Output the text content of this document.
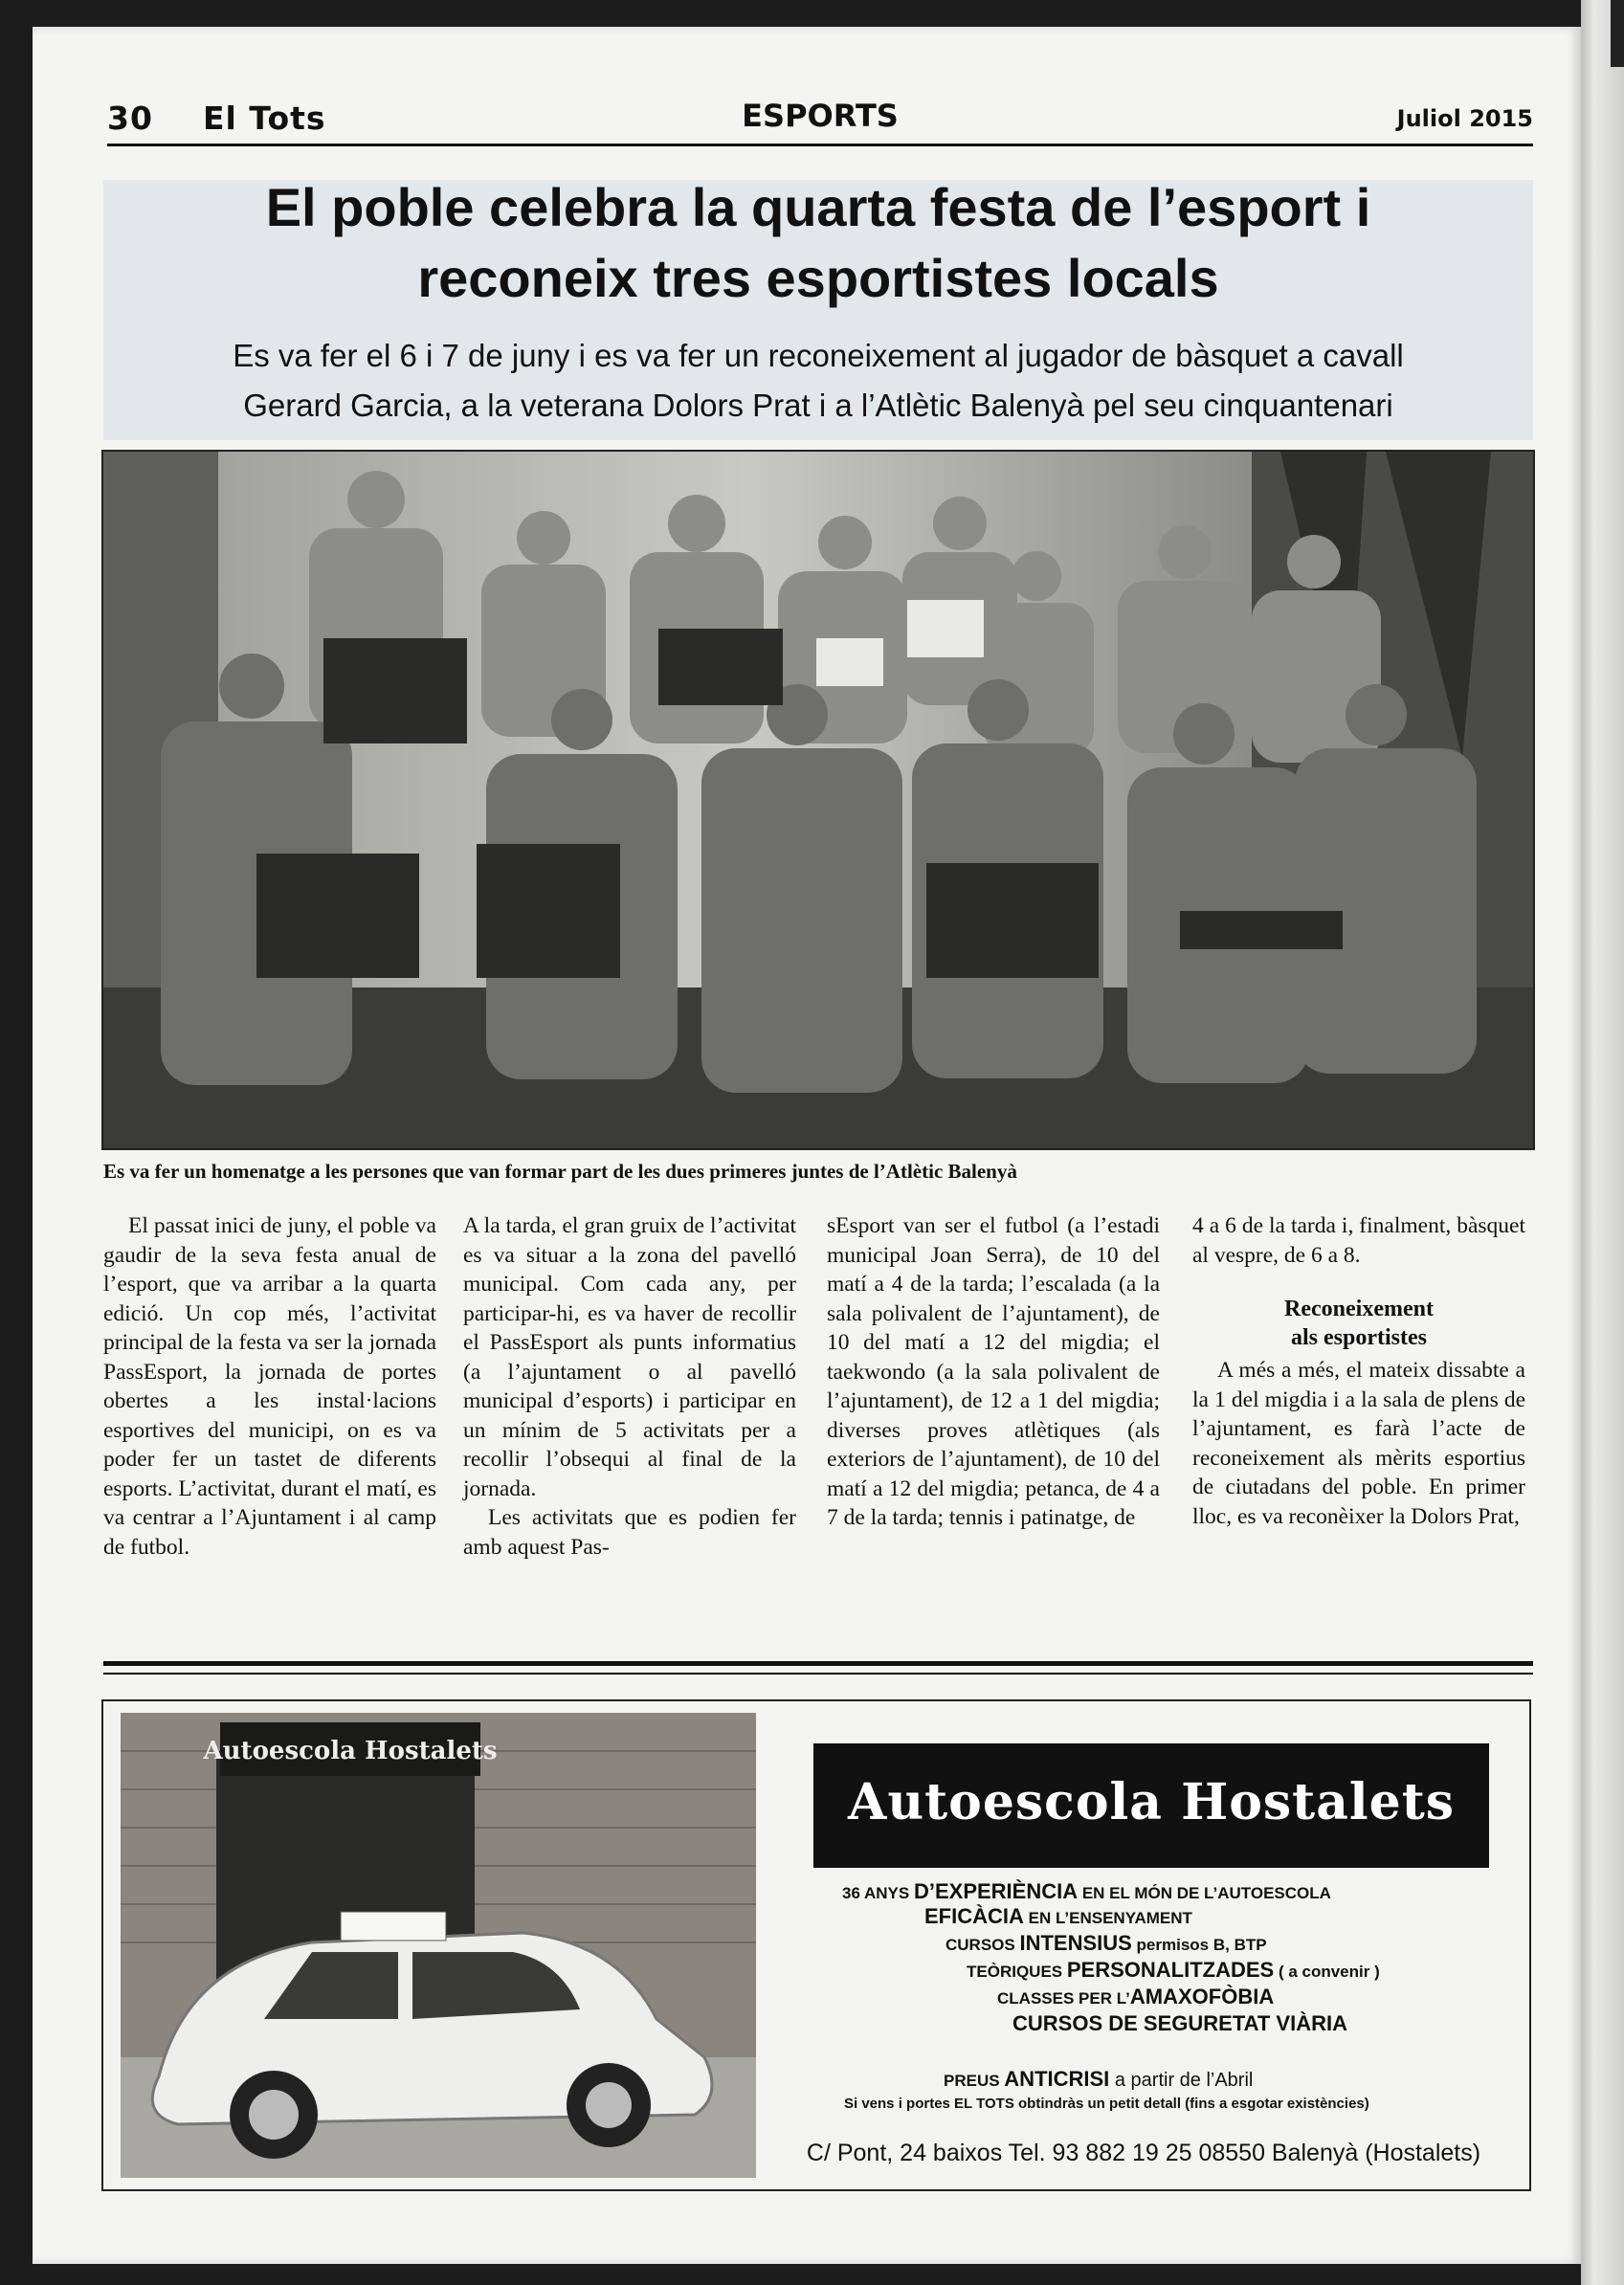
30 El Tots	ESPORTS	Juliol 2015
El poble celebra la quarta festa de l’esport i
reconeix tres esportistes locals
Es va fer el 6 i 7 de juny i es va fer un reconeixement al jugador de bàsquet a cavall
Gerard Garcia, a la veterana Dolors Prat i a l’Atlètic Balenyà pel seu cinquantenari
Es va fer un homenatge a les persones que van formar part de les dues primeres juntes de l’Atlètic Balenyà

El passat inici de juny, el poble va gaudir de la seva festa anual de l’esport, que va arribar a la quarta edició. Un cop més, l’activitat principal de la festa va ser la jornada PassEsport, la jornada de portes obertes a les instal·lacions esportives del municipi, on es va poder fer un tastet de diferents esports. L’activitat, durant el matí, es va centrar a l’Ajuntament i al camp de futbol.

A la tarda, el gran gruix de l’activitat es va situar a la zona del pavelló municipal. Com cada any, per participar-hi, es va haver de recollir el PassEsport als punts informatius (a l’ajuntament o al pavelló municipal d’esports) i participar en un mínim de 5 activitats per a recollir l’obsequi al final de la jornada.

Les activitats que es podien fer amb aquest Pas-

sEsport van ser el futbol (a l’estadi municipal Joan Serra), de 10 del matí a 4 de la tarda; l’escalada (a la sala polivalent de l’ajuntament), de 10 del matí a 12 del migdia; el taekwondo (a la sala polivalent de l’ajuntament), de 12 a 1 del migdia; diverses proves atlètiques (als exteriors de l’ajuntament), de 10 del matí a 12 del migdia; petanca, de 4 a 7 de la tarda; tennis i patinatge, de

4 a 6 de la tarda i, finalment, bàsquet al vespre, de 6 a 8.

Reconeixement
als esportistes

A més a més, el mateix dissabte a la 1 del migdia i a la sala de plens de l’ajuntament, es farà l’acte de reconeixement als mèrits esportius de ciutadans del poble. En primer lloc, es va reconèixer la Dolors Prat,

Autoescola Hostalets
Autoescola Hostalets
36 ANYS D’EXPERIÈNCIA EN EL MÓN DE L’AUTOESCOLA
EFICÀCIA EN L’ENSENYAMENT
CURSOS INTENSIUS permisos B, BTP
TEÒRIQUES PERSONALITZADES ( a convenir )
CLASSES PER L’AMAXOFÒBIA
CURSOS DE SEGURETAT VIÀRIA
PREUS ANTICRISI a partir de l’Abril
Si vens i portes EL TOTS obtindràs un petit detall (fins a esgotar existències)
C/ Pont, 24 baixos Tel. 93 882 19 25 08550 Balenyà (Hostalets)
